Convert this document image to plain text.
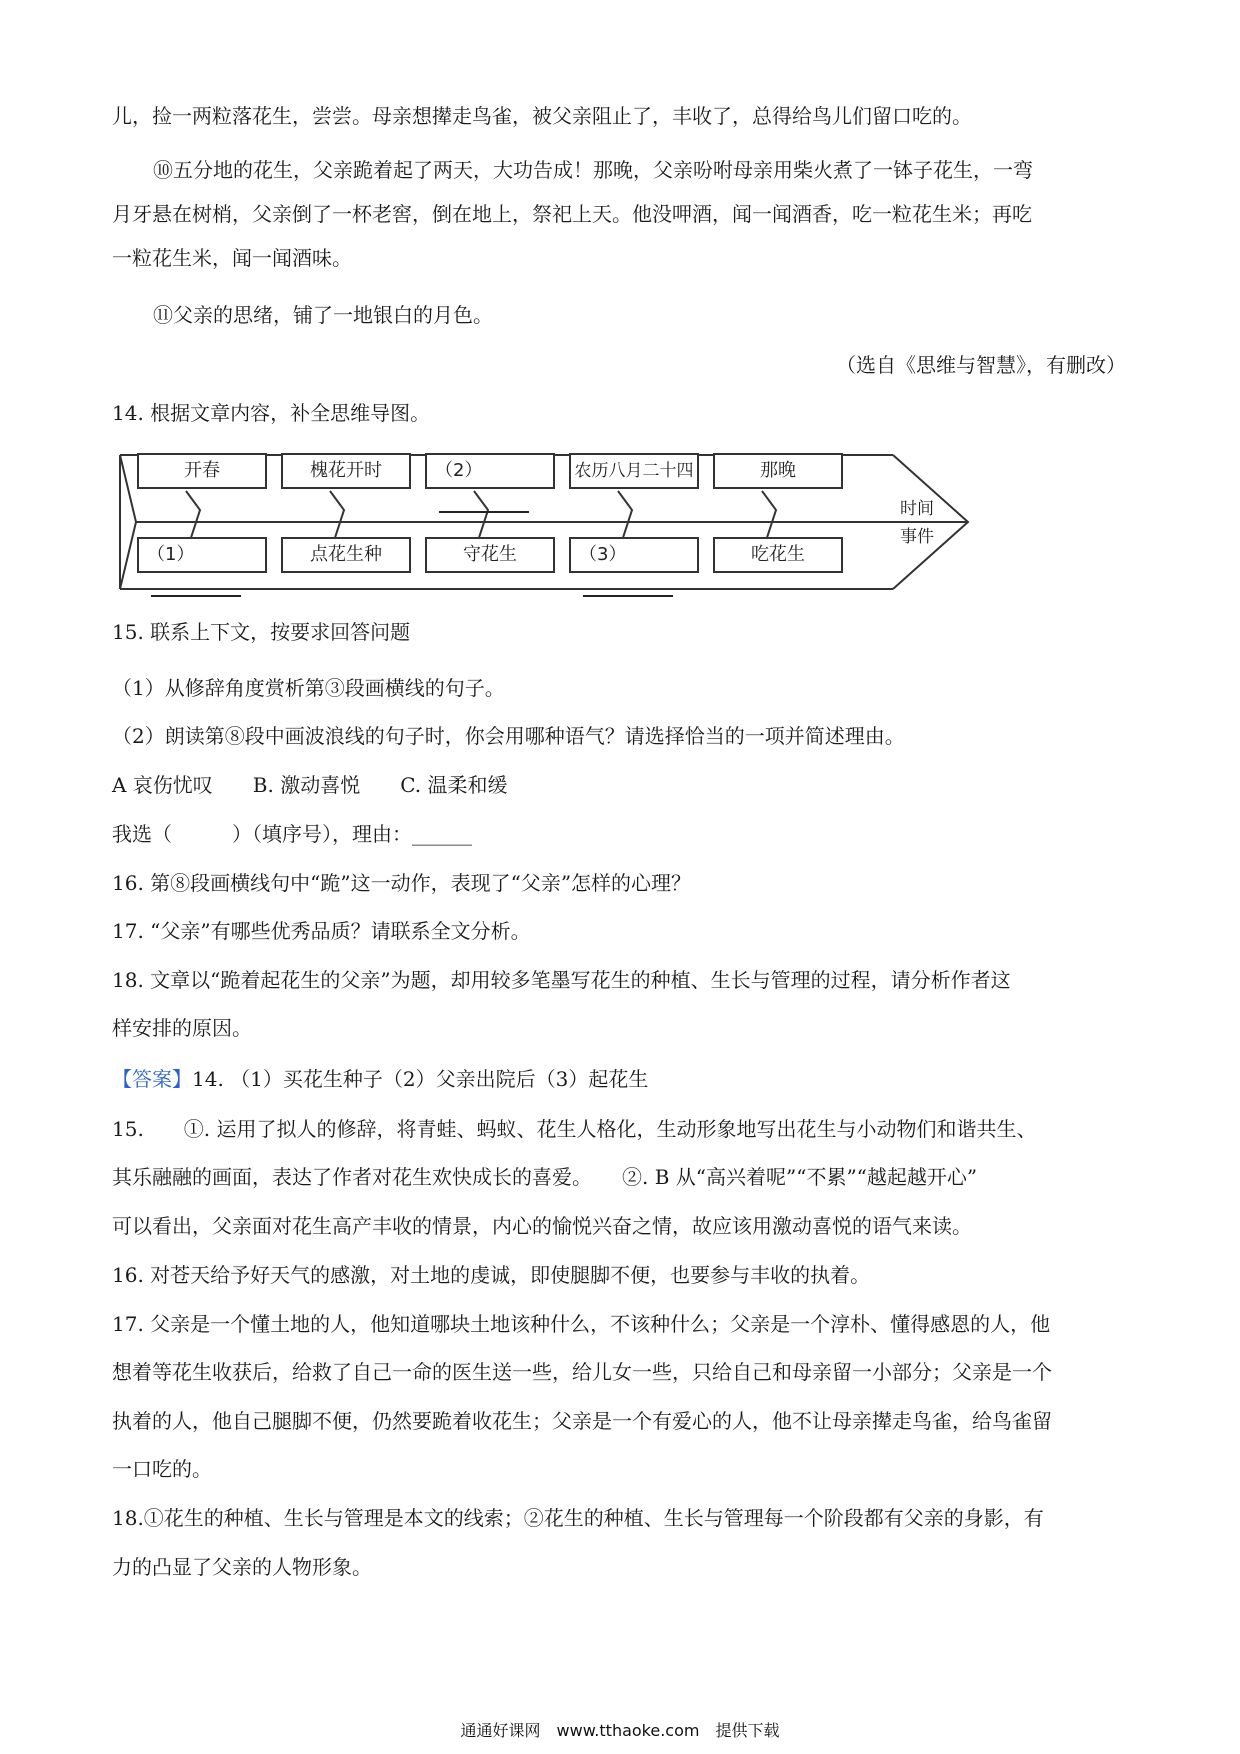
儿，捡一两粒落花生，尝尝。母亲想撵走鸟雀，被父亲阻止了，丰收了，总得给鸟儿们留口吃的。
⑩五分地的花生，父亲跪着起了两天，大功告成！那晚，父亲吩咐母亲用柴火煮了一钵子花生，一弯
月牙悬在树梢，父亲倒了一杯老窖，倒在地上，祭祀上天。他没呷酒，闻一闻酒香，吃一粒花生米；再吃
一粒花生米，闻一闻酒味。
⑪父亲的思绪，铺了一地银白的月色。
（选自《思维与智慧》，有删改）
14. 根据文章内容，补全思维导图。
开春	槐花开时	（2）	农历八月二十四	那晚
（1）	点花生种	守花生	（3）	吃花生
时间
事件
15. 联系上下文，按要求回答问题
（1）从修辞角度赏析第③段画横线的句子。
（2）朗读第⑧段中画波浪线的句子时，你会用哪种语气？请选择恰当的一项并简述理由。
A 哀伤忧叹　　B. 激动喜悦　　C. 温柔和缓
我选（　　　）（填序号），理由：______
16. 第⑧段画横线句中“跪”这一动作，表现了“父亲”怎样的心理？
17. “父亲”有哪些优秀品质？请联系全文分析。
18. 文章以“跪着起花生的父亲”为题，却用较多笔墨写花生的种植、生长与管理的过程，请分析作者这
样安排的原因。
【答案】14. （1）买花生种子（2）父亲出院后（3）起花生
15.　　①. 运用了拟人的修辞，将青蛙、蚂蚁、花生人格化，生动形象地写出花生与小动物们和谐共生、
其乐融融的画面，表达了作者对花生欢快成长的喜爱。　　②. B 从“高兴着呢”“不累”“越起越开心”
可以看出，父亲面对花生高产丰收的情景，内心的愉悦兴奋之情，故应该用激动喜悦的语气来读。
16. 对苍天给予好天气的感激，对土地的虔诚，即使腿脚不便，也要参与丰收的执着。
17. 父亲是一个懂土地的人，他知道哪块土地该种什么，不该种什么；父亲是一个淳朴、懂得感恩的人，他
想着等花生收获后，给救了自己一命的医生送一些，给儿女一些，只给自己和母亲留一小部分；父亲是一个
执着的人，他自己腿脚不便，仍然要跪着收花生；父亲是一个有爱心的人，他不让母亲撵走鸟雀，给鸟雀留
一口吃的。
18.①花生的种植、生长与管理是本文的线索；②花生的种植、生长与管理每一个阶段都有父亲的身影，有
力的凸显了父亲的人物形象。
通通好课网　www.tthaoke.com　提供下载
